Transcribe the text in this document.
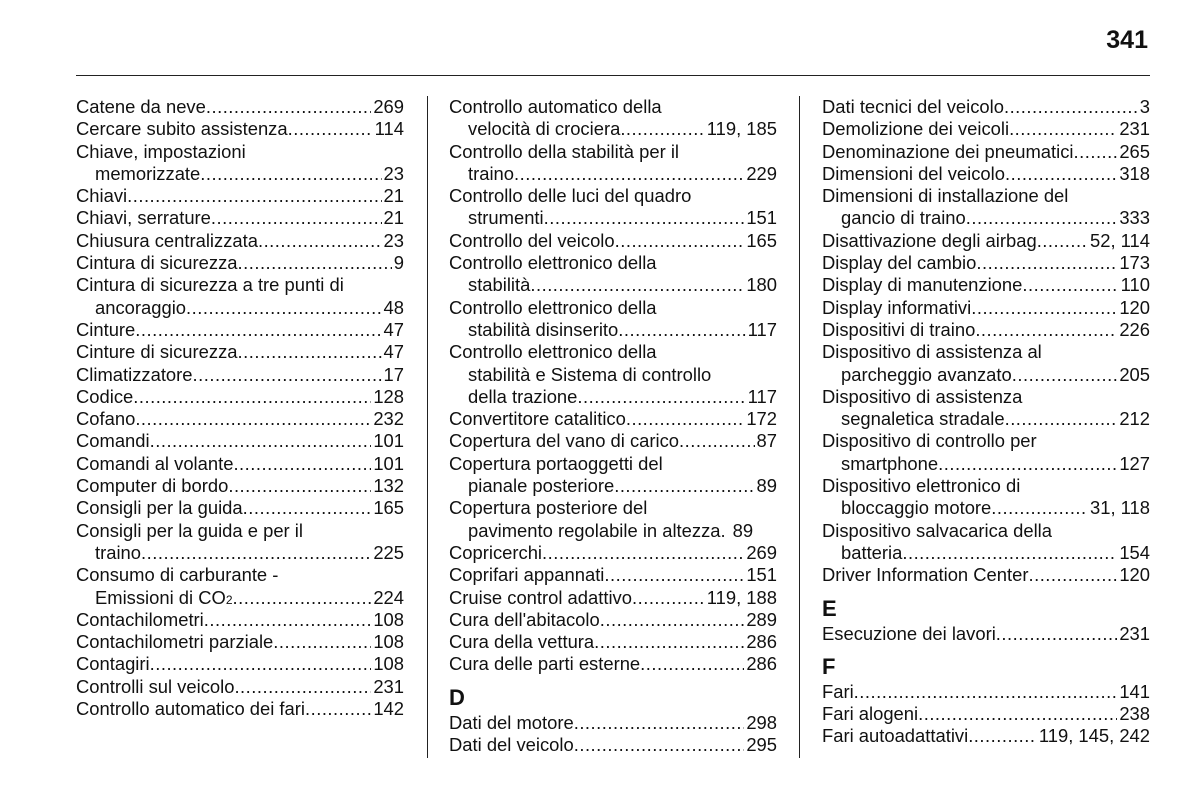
341
Catene da neve .....	269
Cercare subito assistenza .....	114
Chiave, impostazioni
memorizzate .....	23
Chiavi .....	21
Chiavi, serrature .....	21
Chiusura centralizzata .....	23
Cintura di sicurezza .....	9
Cintura di sicurezza a tre punti di
ancoraggio .....	48
Cinture .....	47
Cinture di sicurezza .....	47
Climatizzatore .....	17
Codice .....	128
Cofano .....	232
Comandi .....	101
Comandi al volante .....	101
Computer di bordo .....	132
Consigli per la guida .....	165
Consigli per la guida e per il
traino .....	225
Consumo di carburante -
Emissioni di CO 2 .....	224
Contachilometri .....	108
Contachilometri parziale .....	108
Contagiri .....	108
Controlli sul veicolo .....	231
Controllo automatico dei fari .....	142
Controllo automatico della
velocità di crociera .....	119, 185
Controllo della stabilità per il
traino .....	229
Controllo delle luci del quadro
strumenti .....	151
Controllo del veicolo .....	165
Controllo elettronico della
stabilità .....	180
Controllo elettronico della
stabilità disinserito .....	117
Controllo elettronico della
stabilità e Sistema di controllo
della trazione .....	117
Convertitore catalitico .....	172
Copertura del vano di carico .....	87
Copertura portaoggetti del
pianale posteriore .....	89
Copertura posteriore del
pavimento regolabile in altezza. 89
Copricerchi .....	269
Coprifari appannati .....	151
Cruise control adattivo .....	119, 188
Cura dell'abitacolo .....	289
Cura della vettura .....	286
Cura delle parti esterne .....	286
D
Dati del motore .....	298
Dati del veicolo .....	295
Dati tecnici del veicolo .....	3
Demolizione dei veicoli .....	231
Denominazione dei pneumatici ..... 265
Dimensioni del veicolo .....	318
Dimensioni di installazione del
gancio di traino .....	333
Disattivazione degli airbag .....	52, 114
Display del cambio .....	173
Display di manutenzione .....	110
Display informativi .....	120
Dispositivi di traino .....	226
Dispositivo di assistenza al
parcheggio avanzato .....	205
Dispositivo di assistenza
segnaletica stradale .....	212
Dispositivo di controllo per
smartphone .....	127
Dispositivo elettronico di
bloccaggio motore .....	31, 118
Dispositivo salvacarica della
batteria .....	154
Driver Information Center .....	120
E
Esecuzione dei lavori .....	231
F
Fari .....	141
Fari alogeni .....	238
Fari autoadattativi .....	119, 145, 242
